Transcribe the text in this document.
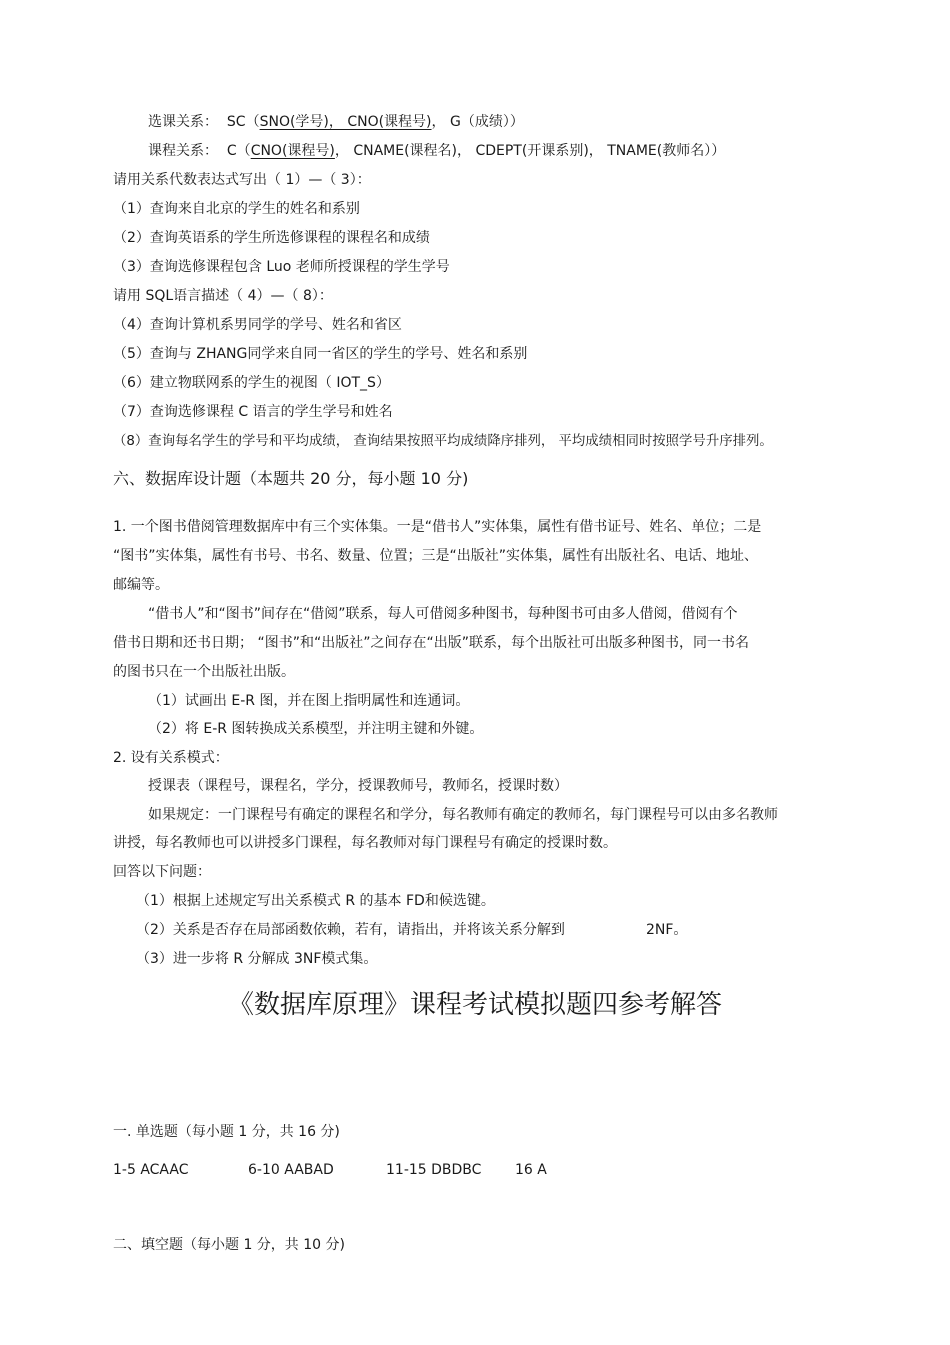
选课关系： SC（SNO(学号)， CNO(课程号)， G（成绩））
课程关系： C（CNO(课程号)， CNAME(课程名)， CDEPT(开课系别)， TNAME(教师名））
请用关系代数表达式写出（ 1）—（ 3）：
（1）查询来自北京的学生的姓名和系别
（2）查询英语系的学生所选修课程的课程名和成绩
（3）查询选修课程包含 Luo 老师所授课程的学生学号
请用 SQL语言描述（ 4）—（ 8）：
（4）查询计算机系男同学的学号、姓名和省区
（5）查询与 ZHANG同学来自同一省区的学生的学号、姓名和系别
（6）建立物联网系的学生的视图（ IOT_S）
（7）查询选修课程 C 语言的学生学号和姓名
（8）查询每名学生的学号和平均成绩， 查询结果按照平均成绩降序排列， 平均成绩相同时按照学号升序排列。
六、数据库设计题（本题共 20 分，每小题 10 分)
1. 一个图书借阅管理数据库中有三个实体集。一是“借书人”实体集，属性有借书证号、姓名、单位；二是
“图书”实体集，属性有书号、书名、数量、位置；三是“出版社”实体集，属性有出版社名、电话、地址、
邮编等。
“借书人”和“图书”间存在“借阅”联系，每人可借阅多种图书，每种图书可由多人借阅，借阅有个
借书日期和还书日期； “图书”和“出版社”之间存在“出版”联系，每个出版社可出版多种图书，同一书名
的图书只在一个出版社出版。
（1）试画出 E-R 图，并在图上指明属性和连通词。
（2）将 E-R 图转换成关系模型，并注明主键和外键。
2. 设有关系模式：
授课表（课程号，课程名，学分，授课教师号，教师名，授课时数）
如果规定：一门课程号有确定的课程名和学分，每名教师有确定的教师名，每门课程号可以由多名教师
讲授，每名教师也可以讲授多门课程，每名教师对每门课程号有确定的授课时数。
回答以下问题：
（1）根据上述规定写出关系模式 R 的基本 FD和候选键。
（2）关系是否存在局部函数依赖，若有，请指出，并将该关系分解到	2NF。
（3）进一步将 R 分解成 3NF模式集。
《数据库原理》课程考试模拟题四参考解答
一. 单选题（每小题 1 分，共 16 分)
1-5 ACAAC	6-10 AABAD	11-15 DBDBC 16 A
二、填空题（每小题 1 分，共 10 分)
